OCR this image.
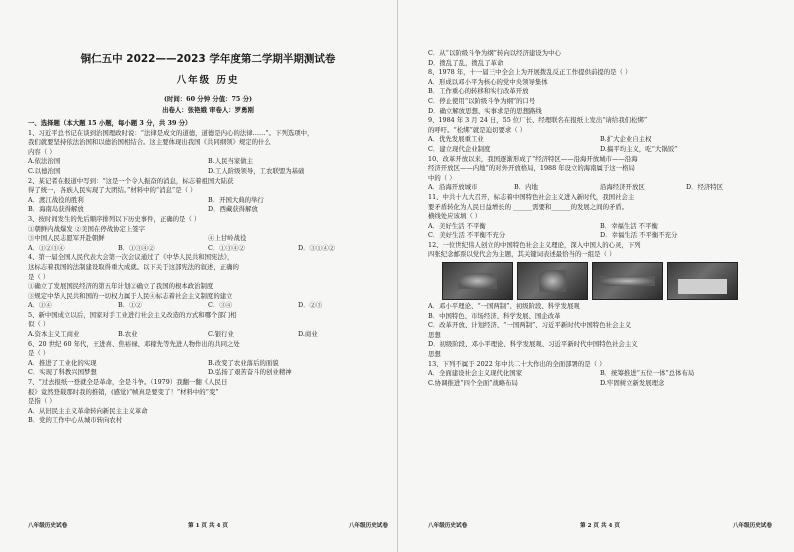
铜仁五中 2022——2023 学年度第二学期半期测试卷
八年级 历史
(时间：60 分钟 分值：75 分)
出卷人：张艳娥 审卷人：罗勇刚
一、选择题（本大题 15 小题，每小题 3 分，共 39 分）
1、习近平总书记在谈到治国理政时说：“法律是成文的道德，道德是内心的法律……”。下列选项中，
我们就要坚持依法治国和以德治国相结合。这主要体现出我国《共同纲领》规定的什么
内容（ ）
A.依法治国	B.人民当家做主
C.以德治国	D.工人阶级领导，工农联盟为基础
2、某记者在报道中写到：“这是一个令人振奋的消息，标志着祖国大陆获
得了统一，各族人民实现了大团结。”材料中的“消息”是（ ）
A．渡江战役的胜利	B．开国大典的举行
B．海南岛获得解放	D．西藏获得解放
3、按时间发生的先后顺序排列以下历史事件，正确的是（ ）
①朝鲜内战爆发 ②美国在停战协定上签字
③中国人民志愿军开赴朝鲜	④上甘岭战役
A．①②③④	B．①③④②	C．①③④②	D．③①④②
4、第一届全国人民代表大会第一次会议通过了《中华人民共和国宪法》，
这标志着我国的法制建设取得重大成就。以下关于这部宪法的叙述，正确的
是（ ）
①确立了发展国民经济的第五年计划②确立了我国的根本政治制度
③规定中华人民共和国的一切权力属于人民④标志着社会主义制度的建立
A．①④	B．①②	C．③④	D．②③
5、新中国成立以后，国家对手工业进行社会主义改造的方式和哪个部门相
似（ ）
A.资本主义工商业	B.农业	C.银行业	D.商业
6、20 世纪 60 年代，王进喜、焦裕禄、邓稼先等先进人物作出的共同之处
是（ ）
A．推进了工业化的实现	B.改变了农业落后的面貌
C．实现了科教兴国梦想	D.弘扬了艰苦奋斗的创业精神
7、“过去报纸一登就全是革命，全是斗争。（1979）我翻一翻《人民日
报》竟然登载那时我的推销，(感觉)“帧真是要变了！”材料中的“变”
是指（ ）
A．从旧民主主义革命转向新民主主义革命
B．党的工作中心从城市转向农村
八年级历史试卷	第 1 页 共 4 页	八年级历史试卷
C．从“以阶级斗争为纲”转向以经济建设为中心
D．拨乱了乱，拨乱了革命
8、1978 年，十一届三中全会上为开展拨乱反正工作提供前提的是（ ）
A．形成以邓小平为核心的党中央领导集体
B．工作重心的转移和实行改革开放
C．停止使用“以阶级斗争为纲”的口号
D．确立解放思想、实事求是的思想路线
9、1984 年 3 月 24 日，55 位厂长、经理联名在报纸上发出“请给我们松绑”
的呼吁。“松绑”就是迫切要求（ ）
A．优先发展重工业	B.扩大企业自主权
C．建立现代企业制度	D.搞平均主义，吃“大锅饭”
10、改革开放以来，我国逐渐形成了“经济特区——沿海开放城市——沿海
经济开放区——内地”的对外开放格局，1988 年设立的海南属于这一格局
中的（ ）
A．沿海开放城市	B．内地	沿海经济开放区	D．经济特区
11、中共十九大召开，标志着中国特色社会主义进入新时代，我国社会主
要矛盾转化为人民日益增长的 ______需要和______的发展之间的矛盾。
横线处应该填（ ）
A．美好生活 不平衡	B．幸福生活 不平衡
C．美好生活 不平衡不充分	D．幸福生活 不平衡不充分
12、一位世纪伟人创立的中国特色社会主义理论，深入中国人的心灵，下列
四张纪念邮票以党代会为主题，其关键词表述最恰当的一组是（ ）
A．邓小平理论、“一国两制”、初级阶段、科学发展观
B．中国特色、市场经济、科学发展、国企改革
C．改革开放、计划经济、“一国两制”、习近平新时代中国特色社会主义
思想
D．初级阶段、邓小平理论、科学发展观、习近平新时代中国特色社会主义
思想
13、下列不属于 2022 年中共二十大作出的全面部署的是（ ）
A．全面建设社会主义现代化国家	B．统筹推进“五位一体”总体布局
C.协调推进“四个全面”战略布局	D.牢固树立新发展理念
八年级历史试卷	第 2 页 共 4 页	八年级历史试卷
